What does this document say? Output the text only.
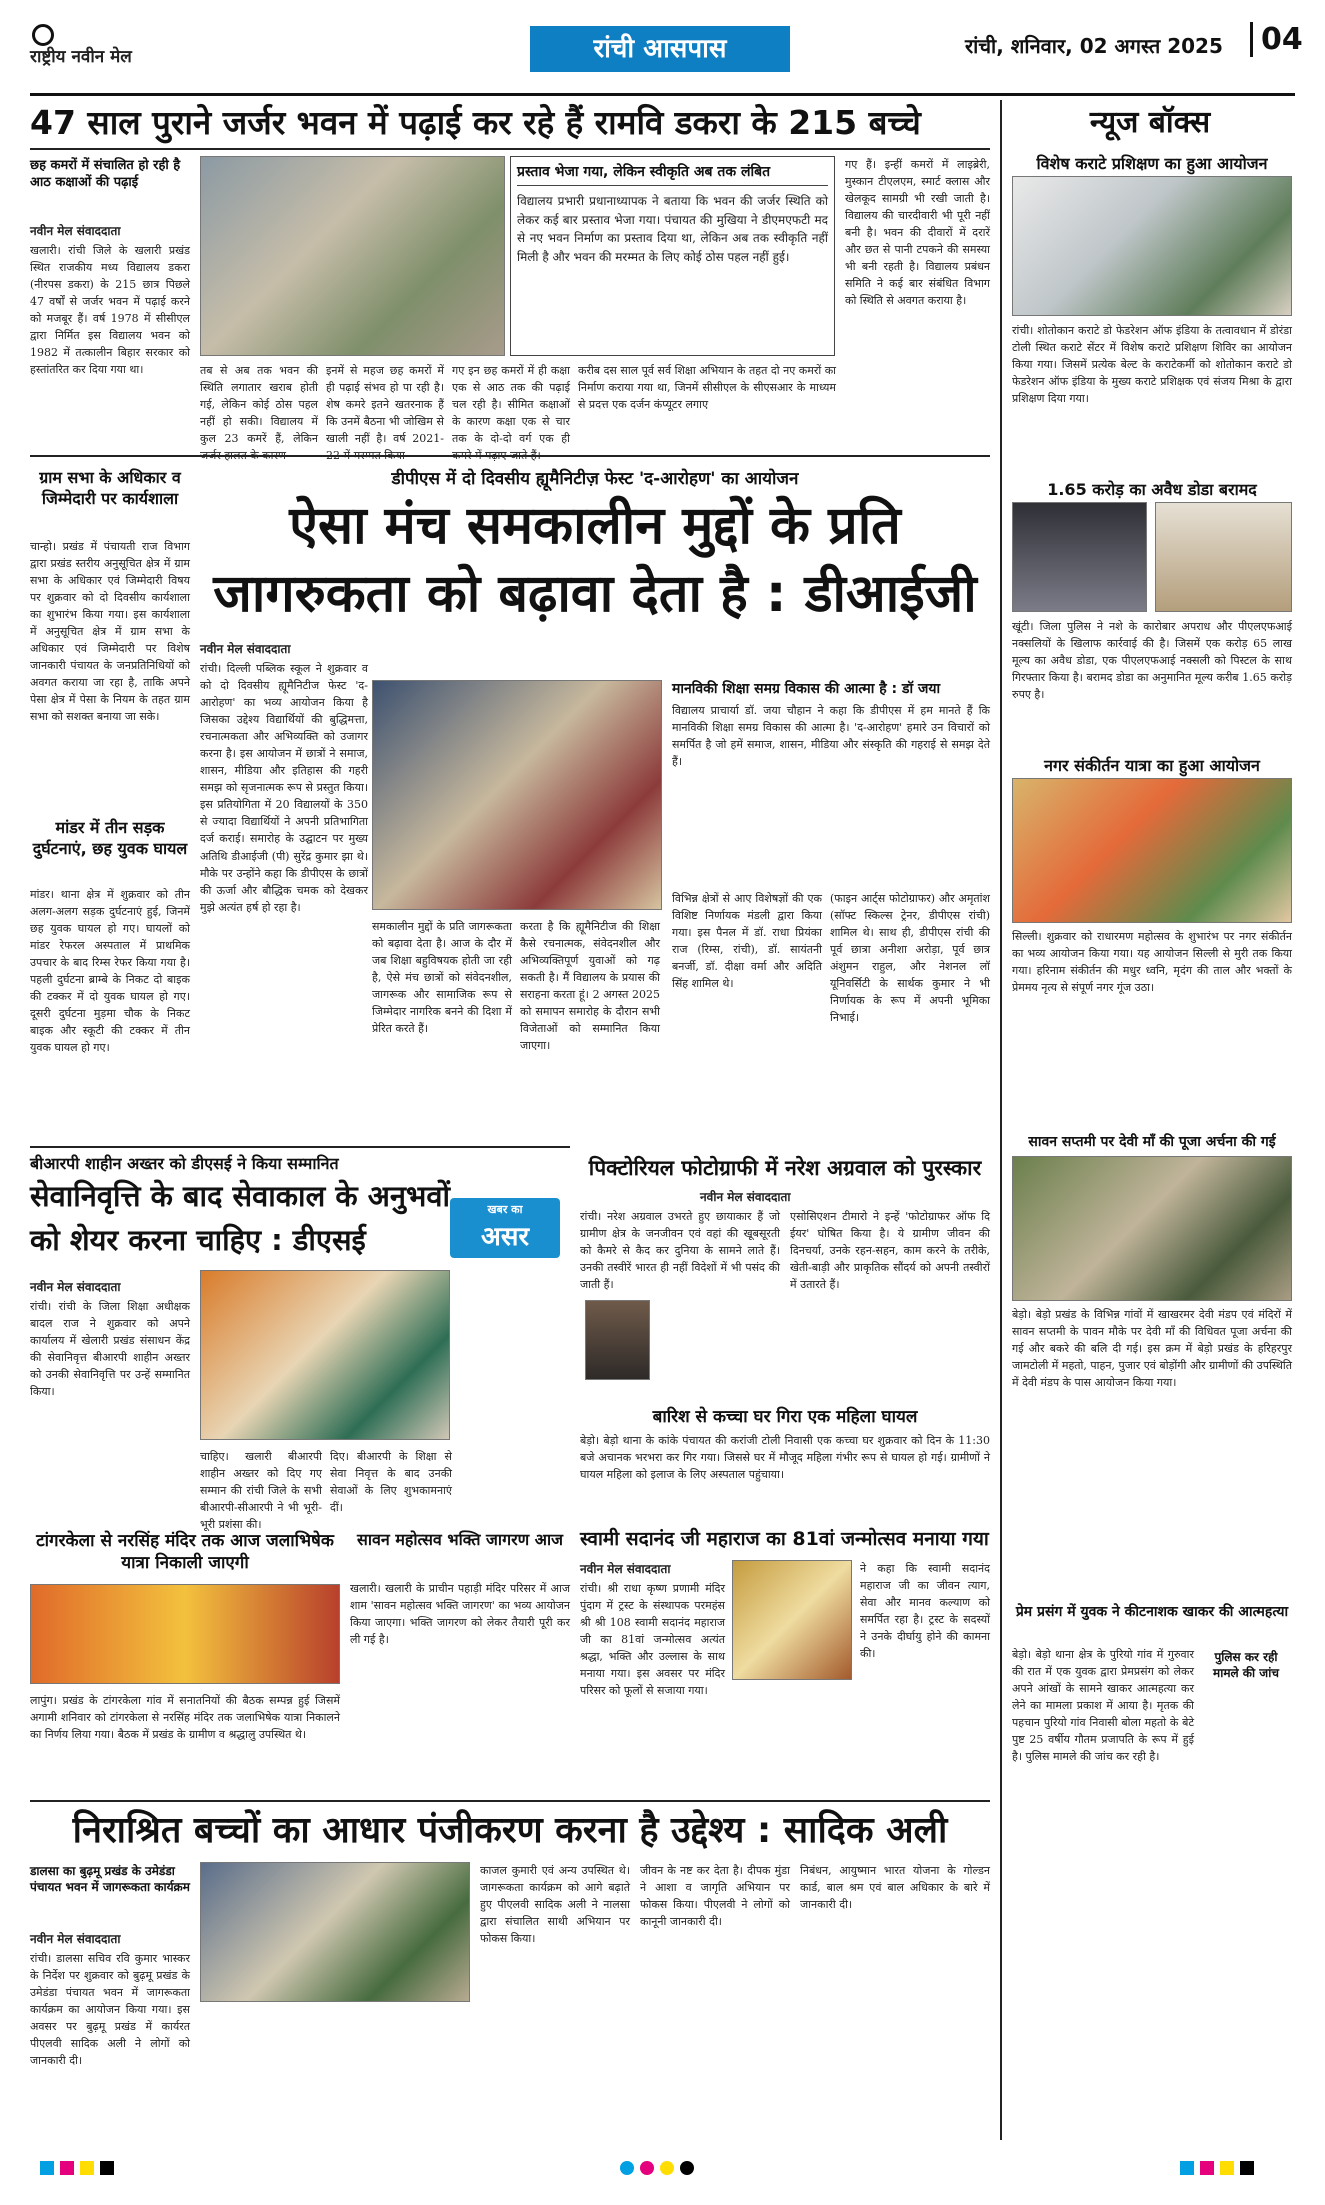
राष्ट्रीय नवीन मेल	रांची आसपास	रांची, शनिवार, 02 अगस्त 2025	04
47 साल पुराने जर्जर भवन में पढ़ाई कर रहे हैं रामवि डकरा के 215 बच्चे
छह कमरों में संचालित हो रही है आठ कक्षाओं की पढ़ाई
नवीन मेल संवाददाता
खलारी। रांची जिले के खलारी प्रखंड स्थित राजकीय मध्य विद्यालय डकरा (नीरपस डकरा) के 215 छात्र पिछले 47 वर्षों से जर्जर भवन में पढ़ाई करने को मजबूर हैं। वर्ष 1978 में सीसीएल द्वारा निर्मित इस विद्यालय भवन को 1982 में तत्कालीन बिहार सरकार को हस्तांतरित कर दिया गया था।
प्रस्ताव भेजा गया, लेकिन स्वीकृति अब तक लंबित
विद्यालय प्रभारी प्रधानाध्यापक ने बताया कि भवन की जर्जर स्थिति को लेकर कई बार प्रस्ताव भेजा गया। पंचायत की मुखिया ने डीएमएफटी मद से नए भवन निर्माण का प्रस्ताव दिया था, लेकिन अब तक स्वीकृति नहीं मिली है और भवन की मरम्मत के लिए कोई ठोस पहल नहीं हुई।
गए हैं। इन्हीं कमरों में लाइब्रेरी, मुस्कान टीएलएम, स्मार्ट क्लास और खेलकूद सामग्री भी रखी जाती है। विद्यालय की चारदीवारी भी पूरी नहीं बनी है। भवन की दीवारों में दरारें और छत से पानी टपकने की समस्या भी बनी रहती है। विद्यालय प्रबंधन समिति ने कई बार संबंधित विभाग को स्थिति से अवगत कराया है।
तब से अब तक भवन की स्थिति लगातार खराब होती गई, लेकिन कोई ठोस पहल नहीं हो सकी। विद्यालय में कुल 23 कमरें हैं, लेकिन
इनमें से महज छह कमरों में ही पढ़ाई संभव हो पा रही है। शेष कमरे इतने खतरनाक हैं कि उनमें बैठना भी जोखिम से खाली नहीं है। वर्ष 2021-
गए इन छह कमरों में ही कक्षा एक से आठ तक की पढ़ाई चल रही है। सीमित कक्षाओं के कारण कक्षा एक से चार तक के दो-दो वर्ग एक ही
करीब दस साल पूर्व सर्व शिक्षा अभियान के तहत दो नए कमरों का निर्माण कराया गया था, जिनमें सीसीएल के सीएसआर के माध्यम से प्रदत्त एक दर्जन कंप्यूटर लगाए
ग्राम सभा के अधिकार व जिम्मेदारी पर कार्यशाला
चान्हो। प्रखंड में पंचायती राज विभाग द्वारा प्रखंड स्तरीय अनुसूचित क्षेत्र में ग्राम सभा के अधिकार एवं जिम्मेदारी विषय पर शुक्रवार को दो दिवसीय कार्यशाला का शुभारंभ किया गया। इस कार्यशाला में अनुसूचित क्षेत्र में ग्राम सभा के अधिकार एवं जिम्मेदारी पर विशेष जानकारी पंचायत के जनप्रतिनिधियों को अवगत कराया जा रहा है, ताकि अपने पेसा क्षेत्र में पेसा के नियम के तहत ग्राम सभा को सशक्त बनाया जा सके।
मांडर में तीन सड़क दुर्घटनाएं, छह युवक घायल
मांडर। थाना क्षेत्र में शुक्रवार को तीन अलग-अलग सड़क दुर्घटनाएं हुई, जिनमें छह युवक घायल हो गए। घायलों को मांडर रेफरल अस्पताल में प्राथमिक उपचार के बाद रिम्स रेफर किया गया है। पहली दुर्घटना ब्राम्बे के निकट दो बाइक की टक्कर में दो युवक घायल हो गए। दूसरी दुर्घटना मुड़मा चौक के निकट बाइक और स्कूटी की टक्कर में तीन युवक घायल हो गए।
डीपीएस में दो दिवसीय ह्यूमैनिटीज़ फेस्ट 'द-आरोहण' का आयोजन
ऐसा मंच समकालीन मुद्दों के प्रति
जागरुकता को बढ़ावा देता है : डीआईजी
नवीन मेल संवाददाता
रांची। दिल्ली पब्लिक स्कूल ने शुक्रवार व को दो दिवसीय ह्यूमैनिटीज फेस्ट 'द-आरोहण' का भव्य आयोजन किया है जिसका उद्देश्य विद्यार्थियों की बुद्धिमत्ता, रचनात्मकता और अभिव्यक्ति को उजागर करना है। इस आयोजन में छात्रों ने समाज, शासन, मीडिया और इतिहास की गहरी समझ को सृजनात्मक रूप से प्रस्तुत किया। इस प्रतियोगिता में 20 विद्यालयों के 350 से ज्यादा विद्यार्थियों ने अपनी प्रतिभागिता दर्ज कराई। समारोह के उद्घाटन पर मुख्य अतिथि डीआईजी (पी) सुरेंद्र कुमार झा थे। मौके पर उन्होंने कहा कि डीपीएस के छात्रों की ऊर्जा और बौद्धिक चमक को देखकर मुझे अत्यंत हर्ष हो रहा है।
मानविकी शिक्षा समग्र विकास की आत्मा है : डॉ जया
विद्यालय प्राचार्या डॉ. जया चौहान ने कहा कि डीपीएस में हम मानते हैं कि मानविकी शिक्षा समग्र विकास की आत्मा है। 'द-आरोहण' हमारे उन विचारों को समर्पित है जो हमें समाज, शासन, मीडिया और संस्कृति की गहराई से समझ देते हैं।
समकालीन मुद्दों के प्रति जागरूकता को बढ़ावा देता है। आज के दौर में जब शिक्षा बहुविषयक होती जा रही है, ऐसे मंच छात्रों को संवेदनशील, जागरूक और सामाजिक रूप से जिम्मेदार नागरिक बनने की दिशा में प्रेरित करते हैं।
करता है कि ह्यूमैनिटीज की शिक्षा कैसे रचनात्मक, संवेदनशील और अभिव्यक्तिपूर्ण युवाओं को गढ़ सकती है। मैं विद्यालय के प्रयास की सराहना करता हूं। 2 अगस्त 2025 को समापन समारोह के दौरान सभी विजेताओं को सम्मानित किया जाएगा।
विभिन्न क्षेत्रों से आए विशेषज्ञों की एक विशिष्ट निर्णायक मंडली द्वारा किया गया। इस पैनल में डॉ. राधा प्रियंका राज (रिम्स, रांची), डॉ. सायंतनी बनर्जी, डॉ. दीक्षा वर्मा और अदिति सिंह शामिल थे।
(फाइन आर्ट्स फोटोग्राफर) और अमृतांश (सॉफ्ट स्किल्स ट्रेनर, डीपीएस रांची) शामिल थे। साथ ही, डीपीएस रांची की पूर्व छात्रा अनीशा अरोड़ा, पूर्व छात्र अंशुमन राहुल, और नेशनल लॉ यूनिवर्सिटी के सार्थक कुमार ने भी निर्णायक के रूप में अपनी भूमिका निभाई।
बीआरपी शाहीन अख्तर को डीएसई ने किया सम्मानित
सेवानिवृत्ति के बाद सेवाकाल के अनुभवों
को शेयर करना चाहिए : डीएसई
खबर का
असर
नवीन मेल संवाददाता
रांची। रांची के जिला शिक्षा अधीक्षक बादल राज ने शुक्रवार को अपने कार्यालय में खेलारी प्रखंड संसाधन केंद्र की सेवानिवृत्त बीआरपी शाहीन अख्तर को उनकी सेवानिवृत्ति पर उन्हें सम्मानित किया।
चाहिए। खलारी बीआरपी शाहीन अख्तर को दिए गए सम्मान की रांची जिले के सभी बीआरपी-सीआरपी ने भी भूरी-भूरी प्रशंसा की।
दिए। बीआरपी के शिक्षा से सेवा निवृत्त के बाद उनकी सेवाओं के लिए शुभकामनाएं दीं।
टांगरकेला से नरसिंह मंदिर तक आज जलाभिषेक यात्रा निकाली जाएगी
लापुंग। प्रखंड के टांगरकेला गांव में सनातनियों की बैठक सम्पन्न हुई जिसमें अगामी शनिवार को टांगरकेला से नरसिंह मंदिर तक जलाभिषेक यात्रा निकालने का निर्णय लिया गया। बैठक में प्रखंड के ग्रामीण व श्रद्धालु उपस्थित थे।
सावन महोत्सव भक्ति जागरण आज
खलारी। खलारी के प्राचीन पहाड़ी मंदिर परिसर में आज शाम 'सावन महोत्सव भक्ति जागरण' का भव्य आयोजन किया जाएगा। भक्ति जागरण को लेकर तैयारी पूरी कर ली गई है।
पिक्टोरियल फोटोग्राफी में नरेश अग्रवाल को पुरस्कार
नवीन मेल संवाददाता
रांची। नरेश अग्रवाल उभरते हुए छायाकार हैं जो ग्रामीण क्षेत्र के जनजीवन एवं वहां की खूबसूरती को कैमरे से कैद कर दुनिया के सामने लाते हैं। उनकी तस्वीरें भारत ही नहीं विदेशों में भी पसंद की जाती हैं।
एसोसिएशन टीमारो ने इन्हें 'फोटोग्राफर ऑफ दि ईयर' घोषित किया है। ये ग्रामीण जीवन की दिनचर्या, उनके रहन-सहन, काम करने के तरीके, खेती-बाड़ी और प्राकृतिक सौंदर्य को अपनी तस्वीरों में उतारते हैं।
बारिश से कच्चा घर गिरा एक महिला घायल
बेड़ो। बेड़ो थाना के कांके पंचायत की करांजी टोली निवासी एक कच्चा घर शुक्रवार को दिन के 11:30 बजे अचानक भरभरा कर गिर गया। जिससे घर में मौजूद महिला गंभीर रूप से घायल हो गई। ग्रामीणों ने घायल महिला को इलाज के लिए अस्पताल पहुंचाया।
स्वामी सदानंद जी महाराज का 81वां जन्मोत्सव मनाया गया
नवीन मेल संवाददाता
रांची। श्री राधा कृष्ण प्रणामी मंदिर पुंदाग में ट्रस्ट के संस्थापक परमहंस श्री श्री 108 स्वामी सदानंद महाराज जी का 81वां जन्मोत्सव अत्यंत श्रद्धा, भक्ति और उल्लास के साथ मनाया गया। इस अवसर पर मंदिर परिसर को फूलों से सजाया गया।
ने कहा कि स्वामी सदानंद महाराज जी का जीवन त्याग, सेवा और मानव कल्याण को समर्पित रहा है। ट्रस्ट के सदस्यों ने उनके दीर्घायु होने की कामना की।
निराश्रित बच्चों का आधार पंजीकरण करना है उद्देश्य : सादिक अली
डालसा का बुढ़मू प्रखंड के उमेडंडा पंचायत भवन में जागरूकता कार्यक्रम
नवीन मेल संवाददाता
रांची। डालसा सचिव रवि कुमार भास्कर के निर्देश पर शुक्रवार को बुढ़मू प्रखंड के उमेडंडा पंचायत भवन में जागरूकता कार्यक्रम का आयोजन किया गया। इस अवसर पर बुढ़मू प्रखंड में कार्यरत पीएलवी सादिक अली ने लोगों को जानकारी दी।
काजल कुमारी एवं अन्य उपस्थित थे। जागरूकता कार्यक्रम को आगे बढ़ाते हुए पीएलवी सादिक अली ने नालसा द्वारा संचालित साथी अभियान पर फोकस किया।
जीवन के नष्ट कर देता है। दीपक मुंडा ने आशा व जागृति अभियान पर फोकस किया। पीएलवी ने लोगों को कानूनी जानकारी दी।
निबंधन, आयुष्मान भारत योजना के गोल्डन कार्ड, बाल श्रम एवं बाल अधिकार के बारे में जानकारी दी।
न्यूज बॉक्स
विशेष कराटे प्रशिक्षण का हुआ आयोजन
रांची। शोतोकान कराटे डो फेडरेशन ऑफ इंडिया के तत्वावधान में डोरंडा टोली स्थित कराटे सेंटर में विशेष कराटे प्रशिक्षण शिविर का आयोजन किया गया। जिसमें प्रत्येक बेल्ट के कराटेकर्मी को शोतोकान कराटे डो फेडरेशन ऑफ इंडिया के मुख्य कराटे प्रशिक्षक एवं संजय मिश्रा के द्वारा प्रशिक्षण दिया गया।
1.65 करोड़ का अवैध डोडा बरामद
खूंटी। जिला पुलिस ने नशे के कारोबार अपराध और पीएलएफआई नक्सलियों के खिलाफ कार्रवाई की है। जिसमें एक करोड़ 65 लाख मूल्य का अवैध डोडा, एक पीएलएफआई नक्सली को पिस्टल के साथ गिरफ्तार किया है। बरामद डोडा का अनुमानित मूल्य करीब 1.65 करोड़ रुपए है।
नगर संकीर्तन यात्रा का हुआ आयोजन
सिल्ली। शुक्रवार को राधारमण महोत्सव के शुभारंभ पर नगर संकीर्तन का भव्य आयोजन किया गया। यह आयोजन सिल्ली से मुरी तक किया गया। हरिनाम संकीर्तन की मधुर ध्वनि, मृदंग की ताल और भक्तों के प्रेममय नृत्य से संपूर्ण नगर गूंज उठा।
सावन सप्तमी पर देवी माँ की पूजा अर्चना की गई
बेड़ो। बेड़ो प्रखंड के विभिन्न गांवों में खाखरमर देवी मंडप एवं मंदिरों में सावन सप्तमी के पावन मौके पर देवी माँ की विधिवत पूजा अर्चना की गई और बकरे की बलि दी गई। इस क्रम में बेड़ो प्रखंड के हरिहरपुर जामटोली में महतो, पाहन, पुजार एवं बोड़ोंगी और ग्रामीणों की उपस्थिति में देवी मंडप के पास आयोजन किया गया।
प्रेम प्रसंग में युवक ने कीटनाशक खाकर की आत्महत्या
पुलिस कर रही मामले की जांच
बेड़ो। बेड़ो थाना क्षेत्र के पुरियो गांव में गुरुवार की रात में एक युवक द्वारा प्रेमप्रसंग को लेकर अपने आंखों के सामने खाकर आत्महत्या कर लेने का मामला प्रकाश में आया है। मृतक की पहचान पुरियो गांव निवासी बोला महतो के बेटे पुष्ट 25 वर्षीय गौतम प्रजापति के रूप में हुई है। पुलिस मामले की जांच कर रही है।
